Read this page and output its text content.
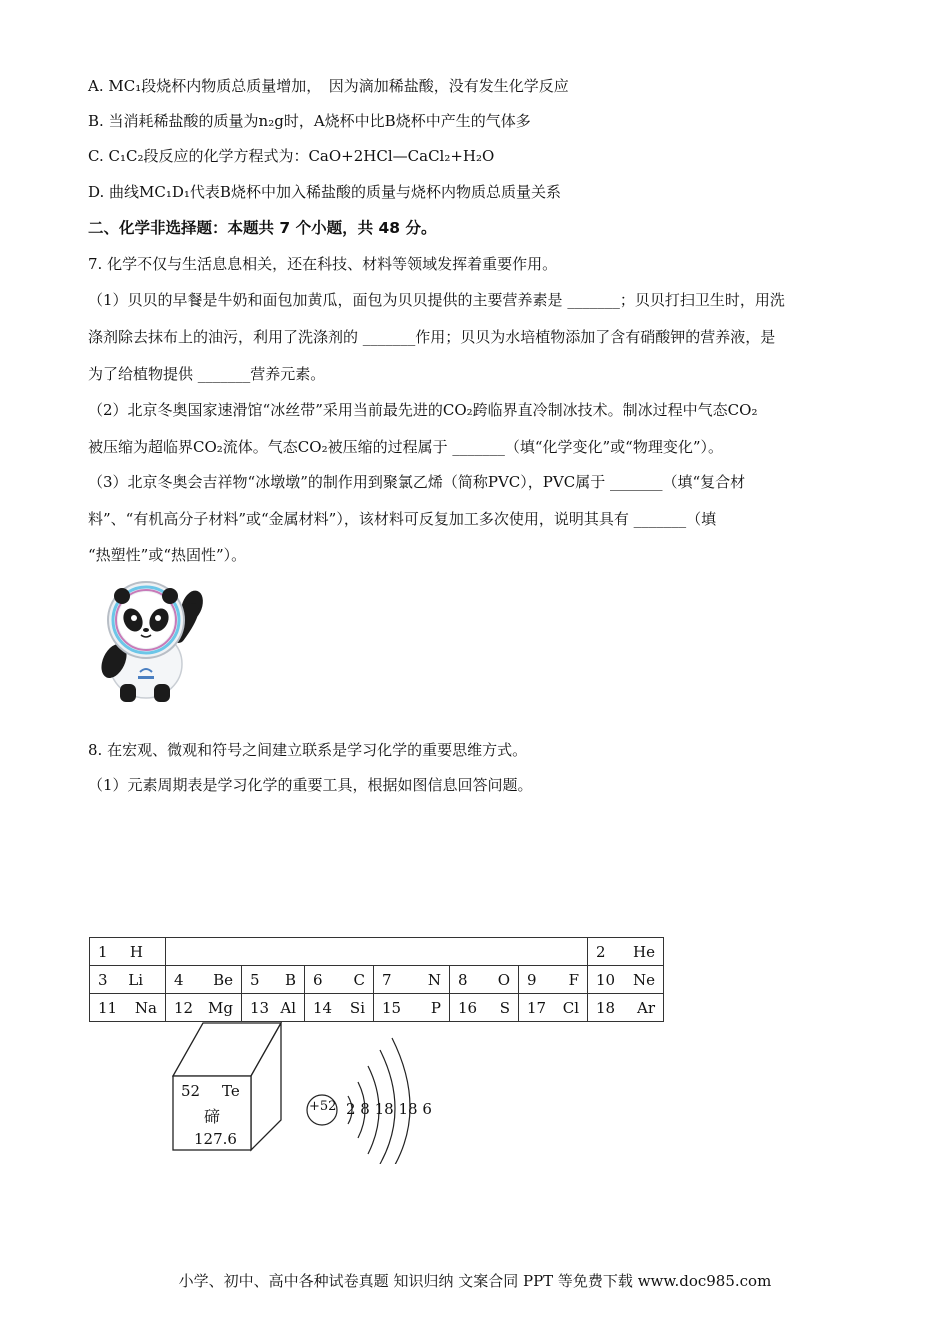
A. MC₁段烧杯内物质总质量增加，　因为滴加稀盐酸，没有发生化学反应
B. 当消耗稀盐酸的质量为n₂g时，A烧杯中比B烧杯中产生的气体多
C. C₁C₂段反应的化学方程式为：CaO+2HCl—CaCl₂+H₂O
D. 曲线MC₁D₁代表B烧杯中加入稀盐酸的质量与烧杯内物质总质量关系
二、化学非选择题：本题共 7 个小题，共 48 分。
7. 化学不仅与生活息息相关，还在科技、材料等领域发挥着重要作用。
（1）贝贝的早餐是牛奶和面包加黄瓜，面包为贝贝提供的主要营养素是 _______；贝贝打扫卫生时，用洗
涤剂除去抹布上的油污，利用了洗涤剂的 _______作用；贝贝为水培植物添加了含有硝酸钾的营养液，是
为了给植物提供 _______营养元素。
（2）北京冬奥国家速滑馆“冰丝带”采用当前最先进的CO₂跨临界直冷制冰技术。制冰过程中气态CO₂
被压缩为超临界CO₂流体。气态CO₂被压缩的过程属于 _______（填“化学变化”或“物理变化”）。
（3）北京冬奥会吉祥物“冰墩墩”的制作用到聚氯乙烯（简称PVC），PVC属于 _______（填“复合材
料”、“有机高分子材料”或“金属材料”），该材料可反复加工多次使用，说明其具有 _______（填
“热塑性”或“热固性”）。
8. 在宏观、微观和符号之间建立联系是学习化学的重要思维方式。
（1）元素周期表是学习化学的重要工具，根据如图信息回答问题。
1 H							2 He

3 Li	4 Be	5 B	6 C	7 N	8 O	9 F	10 Ne

11 Na	12 Mg	13 Al	14 Si	15 P	16 S	17 Cl	18 Ar
52 Te
碲
127.6
+52 2 8 18 18 6
小学、初中、高中各种试卷真题 知识归纳 文案合同 PPT 等免费下载 www.doc985.com
